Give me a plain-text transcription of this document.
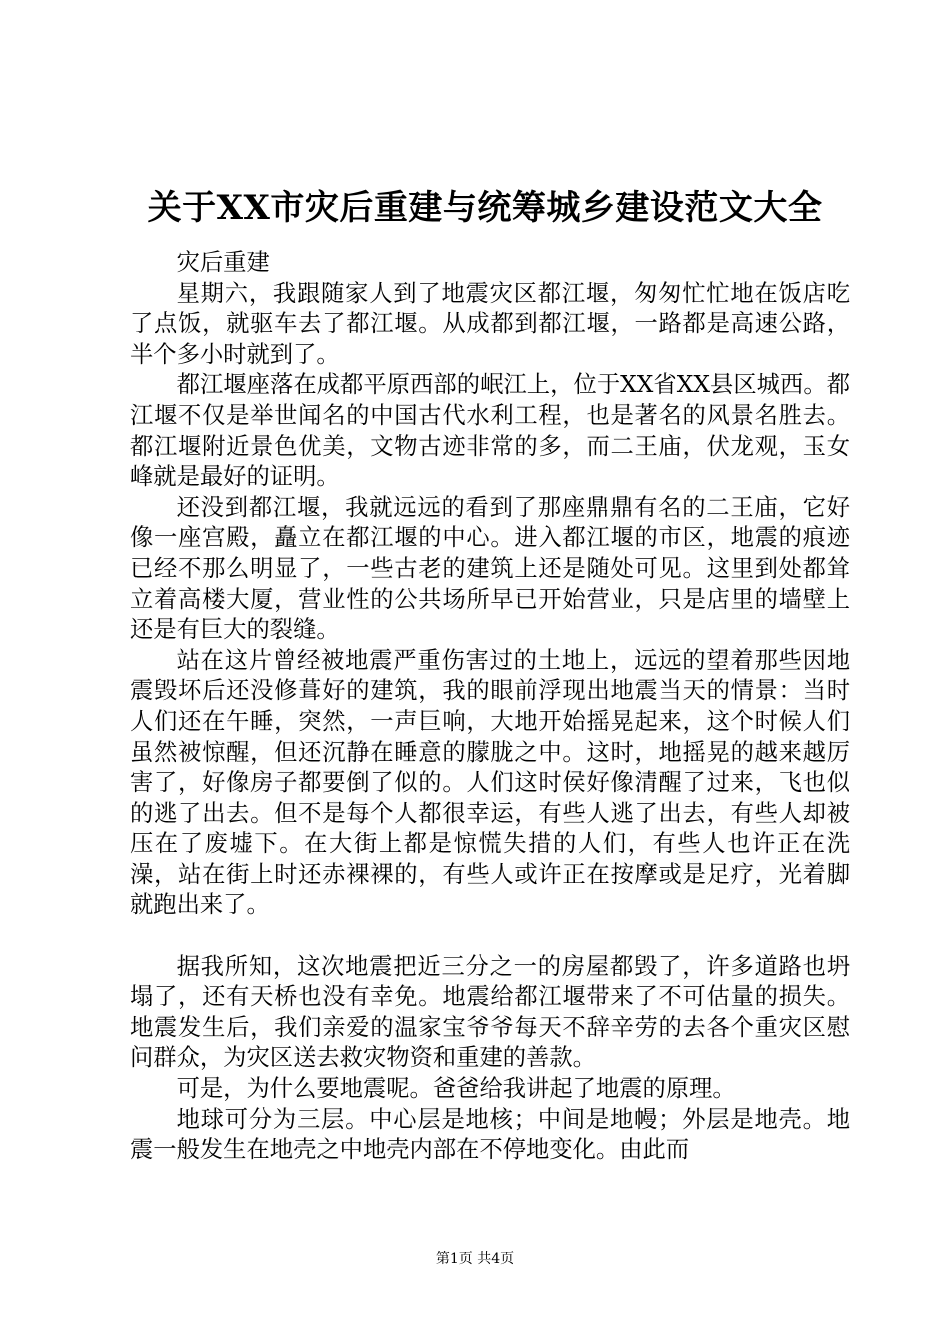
关于XX市灾后重建与统筹城乡建设范文大全

灾后重建

星期六，我跟随家人到了地震灾区都江堰，匆匆忙忙地在饭店吃了点饭，就驱车去了都江堰。从成都到都江堰，一路都是高速公路，半个多小时就到了。

都江堰座落在成都平原西部的岷江上，位于XX省XX县区城西。都江堰不仅是举世闻名的中国古代水利工程，也是著名的风景名胜去。都江堰附近景色优美，文物古迹非常的多，而二王庙，伏龙观，玉女峰就是最好的证明。

还没到都江堰，我就远远的看到了那座鼎鼎有名的二王庙，它好像一座宫殿，矗立在都江堰的中心。进入都江堰的市区，地震的痕迹已经不那么明显了，一些古老的建筑上还是随处可见。这里到处都耸立着高楼大厦，营业性的公共场所早已开始营业，只是店里的墙壁上还是有巨大的裂缝。

站在这片曾经被地震严重伤害过的土地上，远远的望着那些因地震毁坏后还没修葺好的建筑，我的眼前浮现出地震当天的情景：当时人们还在午睡，突然，一声巨响，大地开始摇晃起来，这个时候人们虽然被惊醒，但还沉静在睡意的朦胧之中。这时，地摇晃的越来越厉害了，好像房子都要倒了似的。人们这时侯好像清醒了过来，飞也似的逃了出去。但不是每个人都很幸运，有些人逃了出去，有些人却被压在了废墟下。在大街上都是惊慌失措的人们，有些人也许正在洗澡，站在街上时还赤裸裸的，有些人或许正在按摩或是足疗，光着脚就跑出来了。

据我所知，这次地震把近三分之一的房屋都毁了，许多道路也坍塌了，还有天桥也没有幸免。地震给都江堰带来了不可估量的损失。地震发生后，我们亲爱的温家宝爷爷每天不辞辛劳的去各个重灾区慰问群众，为灾区送去救灾物资和重建的善款。

可是，为什么要地震呢。爸爸给我讲起了地震的原理。

地球可分为三层。中心层是地核；中间是地幔；外层是地壳。地震一般发生在地壳之中地壳内部在不停地变化。由此而

第1页 共4页
